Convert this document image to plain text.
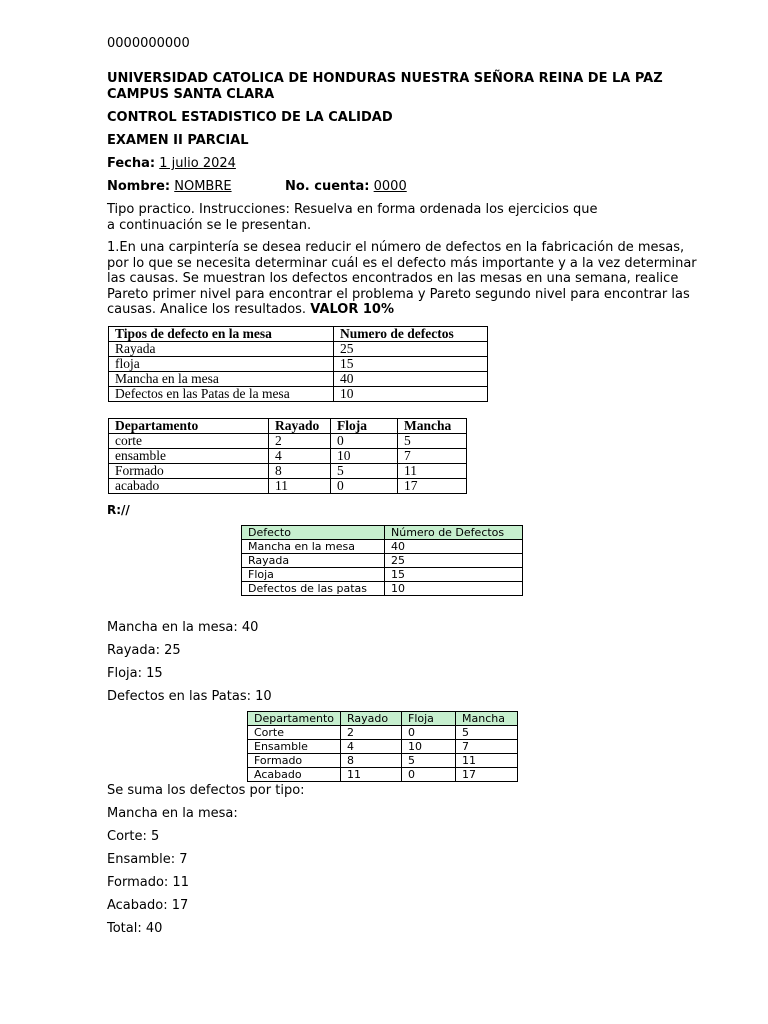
0000000000

UNIVERSIDAD CATOLICA DE HONDURAS NUESTRA SEÑORA REINA DE LA PAZ

CAMPUS SANTA CLARA

CONTROL ESTADISTICO DE LA CALIDAD

EXAMEN II PARCIAL

Fecha: 1 julio 2024

Nombre: NOMBRE	No. cuenta: 0000

Tipo practico. Instrucciones: Resuelva en forma ordenada los ejercicios que a continuación se le presentan.

1.En una carpintería se desea reducir el número de defectos en la fabricación de mesas, por lo que se necesita determinar cuál es el defecto más importante y a la vez determinar las causas. Se muestran los defectos encontrados en las mesas en una semana, realice Pareto primer nivel para encontrar el problema y Pareto segundo nivel para encontrar las causas. Analice los resultados. VALOR 10%

Tipos de defecto en la mesa	Numero de defectos
Rayada	25
floja	15
Mancha en la mesa	40
Defectos en las Patas de la mesa	10
Departamento	Rayado	Floja	Mancha
corte	2	0	5
ensamble	4	10	7
Formado	8	5	11
acabado	11	0	17

R://

Defecto	Número de Defectos
Mancha en la mesa	40
Rayada	25
Floja	15
Defectos de las patas	10

Mancha en la mesa: 40

Rayada: 25

Floja: 15

Defectos en las Patas: 10

Departamento	Rayado	Floja	Mancha
Corte	2	0	5
Ensamble	4	10	7
Formado	8	5	11
Acabado	11	0	17

Se suma los defectos por tipo:

Mancha en la mesa:

Corte: 5

Ensamble: 7

Formado: 11

Acabado: 17

Total: 40
